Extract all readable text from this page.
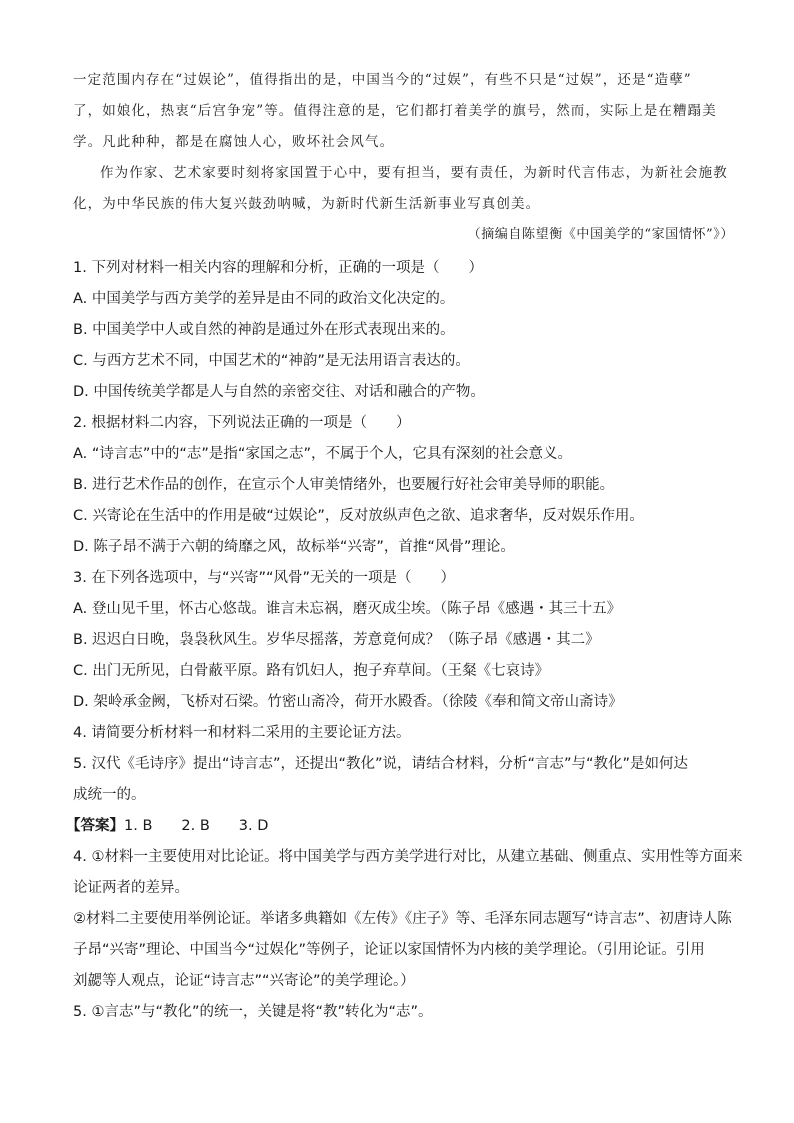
一定范围内存在“过娱论”，值得指出的是，中国当今的“过娱”，有些不只是“过娱”，还是“造孽”
了，如娘化，热衷“后宫争宠”等。值得注意的是，它们都打着美学的旗号，然而，实际上是在糟蹋美
学。凡此种种，都是在腐蚀人心，败坏社会风气。
作为作家、艺术家要时刻将家国置于心中，要有担当，要有责任，为新时代言伟志，为新社会施教
化，为中华民族的伟大复兴鼓劲呐喊，为新时代新生活新事业写真创美。
（摘编自陈望衡《中国美学的“家国情怀”》）
1. 下列对材料一相关内容的理解和分析，正确的一项是（　　）
A. 中国美学与西方美学的差异是由不同的政治文化决定的。
B. 中国美学中人或自然的神韵是通过外在形式表现出来的。
C. 与西方艺术不同，中国艺术的“神韵”是无法用语言表达的。
D. 中国传统美学都是人与自然的亲密交往、对话和融合的产物。
2. 根据材料二内容，下列说法正确的一项是（　　）
A. “诗言志”中的“志”是指“家国之志”，不属于个人，它具有深刻的社会意义。
B. 进行艺术作品的创作，在宣示个人审美情绪外，也要履行好社会审美导师的职能。
C. 兴寄论在生活中的作用是破“过娱论”，反对放纵声色之欲、追求奢华，反对娱乐作用。
D. 陈子昂不满于六朝的绮靡之风，故标举“兴寄”，首推“风骨”理论。
3. 在下列各选项中，与“兴寄”“风骨”无关的一项是（　　）
A. 登山见千里，怀古心悠哉。谁言未忘祸，磨灭成尘埃。（陈子昂《感遇・其三十五》
B. 迟迟白日晚，袅袅秋风生。岁华尽摇落，芳意竟何成？（陈子昂《感遇・其二》
C. 出门无所见，白骨蔽平原。路有饥妇人，抱子弃草间。（王粲《七哀诗》
D. 架岭承金阙，飞桥对石梁。竹密山斋冷，荷开水殿香。（徐陵《奉和简文帝山斋诗》
4. 请简要分析材料一和材料二采用的主要论证方法。
5. 汉代《毛诗序》提出“诗言志”，还提出“教化”说，请结合材料，分析“言志”与“教化”是如何达
成统一的。
【答案】1. B　　2. B　　3. D
4. ①材料一主要使用对比论证。将中国美学与西方美学进行对比，从建立基础、侧重点、实用性等方面来
论证两者的差异。
②材料二主要使用举例论证。举诸多典籍如《左传》《庄子》等、毛泽东同志题写“诗言志”、初唐诗人陈
子昂“兴寄”理论、中国当今“过娱化”等例子，论证以家国情怀为内核的美学理论。（引用论证。引用
刘勰等人观点，论证“诗言志”“兴寄论”的美学理论。）
5. ①言志”与“教化”的统一，关键是将“教”转化为“志”。
